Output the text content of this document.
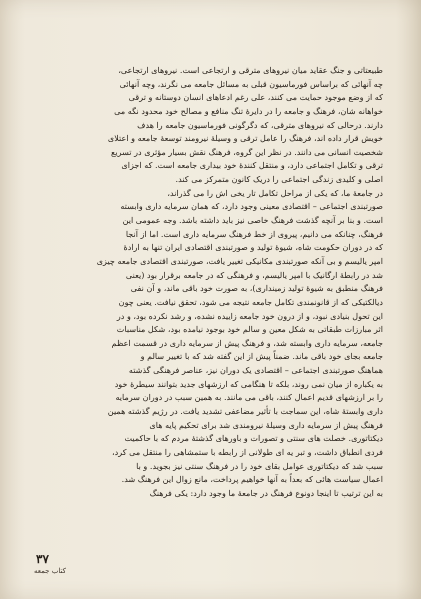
طبیعتاتی و جنگ عقاید میان نیروهای مترقی و ارتجاعی است. نیروهای ارتجاعی،
چه آنهائی که براساس فورماسیون قبلی به مسائل جامعه می نگرند، وچه آنهائی
که از وضع موجود حمایت می کنند، علی رغم ادعاهای انسان دوستانه و ترقی
خواهانه شان، فرهنگ و جامعه را در دایرۀ تنگ منافع و مصالح خود محدود نگه می
دارند. درحالی که نیروهای مترقی، که دگرگونی فورماسیون جامعه را هدف
خویش قرار داده اند، فرهنگ را عامل ترقی و وسیلۀ نیرومند توسعۀ جامعه و اعتلای
شخصیت انسانی می دانند. در نظر این گروه، فرهنگ نقش بسیار مؤثری در تسریع
ترقی و تکامل اجتماعی دارد، و منتقل کنندۀ خود بیداری جامعه است. که اجزای
اصلی و کلیدی زندگی اجتماعی را دریک کانون متمرکز می کند.
در جامعۀ ما، که یکی از مراحل تکامل تار یخی اش را می گذراند،
صورتبندی اجتماعی – اقتصادی معینی وجود دارد، که همان سرمایه داری وابسته
است. و بنا بر آنچه گذشت فرهنگ خاصی نیز باید داشته باشد. وجه عمومی این
فرهنگ، چنانکه می دانیم، پیروی از خط فرهنگ سرمایه داری است. اما از آنجا
که در دوران حکومت شاه، شیوۀ تولید و صورتبندی اقتصادی ایران تنها به ارادۀ
امپر یالیسم و بی آنکه صورتبندی مکانیکی تغییر یافت، صورتبندی اقتصادی جامعه چیزی
شد در رابطۀ ارگانیک با امپر یالیسم، و فرهنگی که در جامعه برقرار بود (یعنی
فرهنگ منطبق به شیوۀ تولید زمینداری)، به صورت خود باقی ماند، و آن نفی
دیالکتیکی که از قانونمندی تکامل جامعه نتیجه می شود، تحقق نیافت. یعنی چون
این تحول بنیادی نبود، و از درون خود جامعه زاییده نشده، و رشد نکرده بود، و در
اثر مبارزات طبقاتی به شکل معین و سالم خود بوجود نیامده بود، شکل مناسبات
جامعه، سرمایه داری وابسته شد، و فرهنگ پیش از سرمایه داری در قسمت اعظم
جامعه بجای خود باقی ماند. ضمناً پیش از این گفته شد که با تغییر سالم و
هماهنگ صورتبندی اجتماعی – اقتصادی یک دوران نیز، عناصر فرهنگی گذشته
به یکباره از میان نمی روند، بلکه تا هنگامی که ارزشهای جدید بتوانند سیطرۀ خود
را بر ارزشهای قدیم اعمال کنند، باقی می مانند. به همین سبب در دوران سرمایه
داری وابستۀ شاه، این سماجت با تأثیر مضاعفی تشدید یافت. در رژیم گذشته همین
فرهنگ پیش از سرمایه داری وسیلۀ نیرومندی شد برای تحکیم پایه های
دیکتاتوری. خصلت های سنتی و تصورات و باورهای گذشتۀ مردم که با حاکمیت
فردی انطباق داشت، و تبر یه ای طولانی از رابطه با ستمشاهی را منتقل می کرد،
سبب شد که دیکتاتوری عوامل بقای خود را در فرهنگ سنتی نیز بجوید. و با
اعمال سیاست هائی که بعداً به آنها خواهیم پرداخت، مانع زوال این فرهنگ شد.
به این ترتیب تا اینجا دونوع فرهنگ در جامعۀ ما وجود دارد: یکی فرهنگ
۳۷
کتاب جمعه
